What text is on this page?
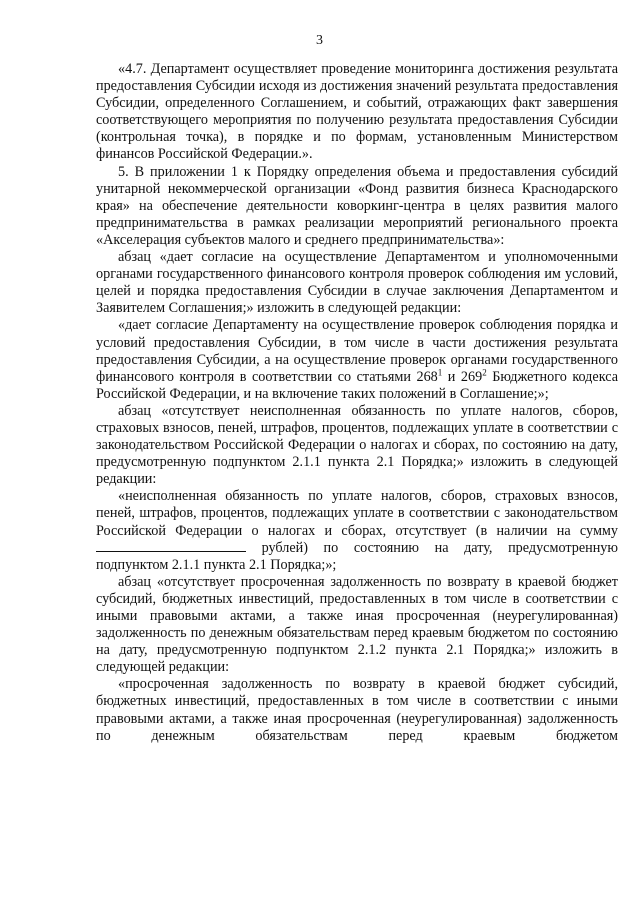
3

«4.7. Департамент осуществляет проведение мониторинга достижения результата предоставления Субсидии исходя из достижения значений результата предоставления Субсидии, определенного Соглашением, и событий, отражающих факт завершения соответствующего мероприятия по получению результата предоставления Субсидии (контрольная точка), в порядке и по формам, установленным Министерством финансов Российской Федерации.».

5. В приложении 1 к Порядку определения объема и предоставления субсидий унитарной некоммерческой организации «Фонд развития бизнеса Краснодарского края» на обеспечение деятельности коворкинг-центра в целях развития малого предпринимательства в рамках реализации мероприятий регионального проекта «Акселерация субъектов малого и среднего предпринимательства»:

абзац «дает согласие на осуществление Департаментом и уполномоченными органами государственного финансового контроля проверок соблюдения им условий, целей и порядка предоставления Субсидии в случае заключения Департаментом и Заявителем Соглашения;» изложить в следующей редакции:

«дает согласие Департаменту на осуществление проверок соблюдения порядка и условий предоставления Субсидии, в том числе в части достижения результата предоставления Субсидии, а на осуществление проверок органами государственного финансового контроля в соответствии со статьями $268^1$ и $269^2$ Бюджетного кодекса Российской Федерации, и на включение таких положений в Соглашение;»;

абзац «отсутствует неисполненная обязанность по уплате налогов, сборов, страховых взносов, пеней, штрафов, процентов, подлежащих уплате в соответствии с законодательством Российской Федерации о налогах и сборах, по состоянию на дату, предусмотренную подпунктом 2.1.1 пункта 2.1 Порядка;» изложить в следующей редакции:

«неисполненная обязанность по уплате налогов, сборов, страховых взносов, пеней, штрафов, процентов, подлежащих уплате в соответствии с законодательством Российской Федерации о налогах и сборах, отсутствует (в наличии на сумму  рублей) по состоянию на дату, предусмотренную подпунктом 2.1.1 пункта 2.1 Порядка;»;

абзац «отсутствует просроченная задолженность по возврату в краевой бюджет субсидий, бюджетных инвестиций, предоставленных в том числе в соответствии с иными правовыми актами, а также иная просроченная (неурегулированная) задолженность по денежным обязательствам перед краевым бюджетом по состоянию на дату, предусмотренную подпунктом 2.1.2 пункта 2.1 Порядка;» изложить в следующей редакции:

«просроченная задолженность по возврату в краевой бюджет субсидий, бюджетных инвестиций, предоставленных в том числе в соответствии с иными правовыми актами, а также иная просроченная (неурегулированная) задолженность по денежным обязательствам перед краевым бюджетом
